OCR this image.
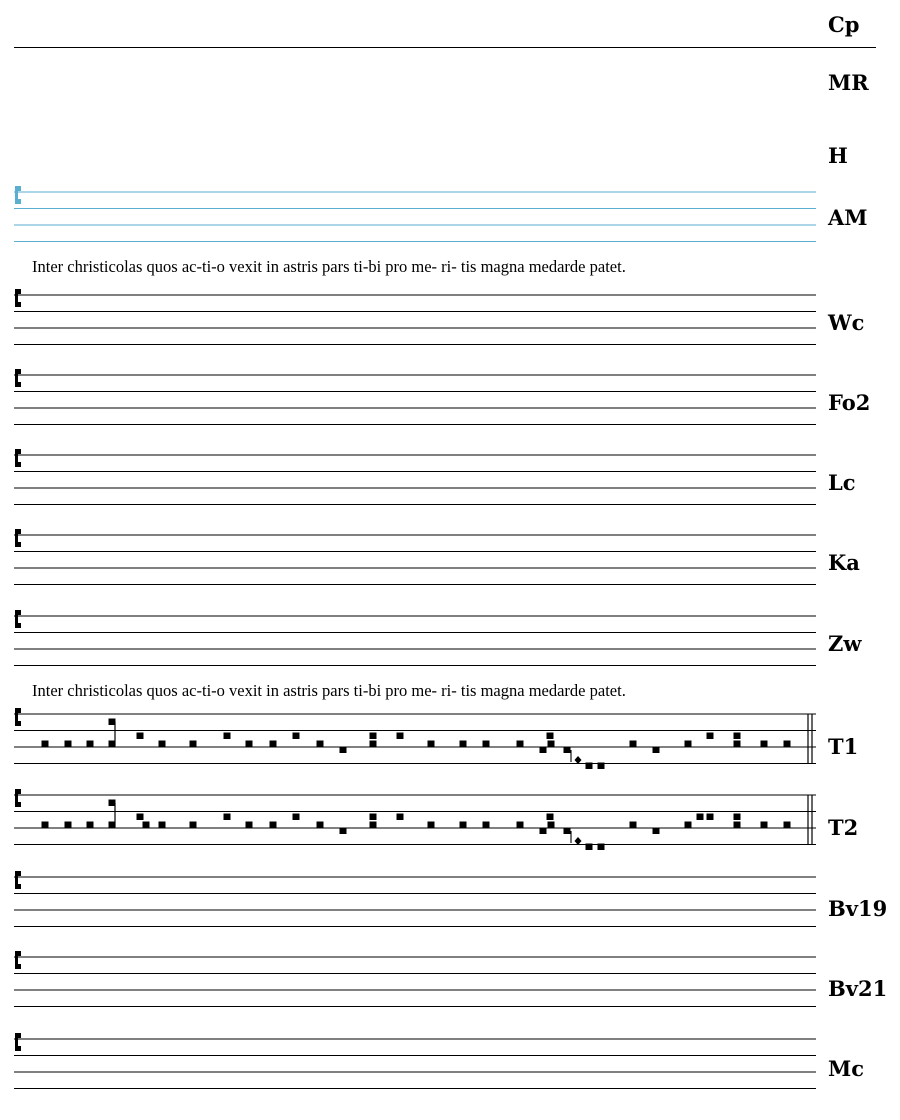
Cp
MR
H
AM
Inter christicolas quos ac-ti-o vexit in astris pars ti-bi pro me- ri- tis magna medarde patet.
Wc
Fo2
Lc
Ka
Zw
Inter christicolas quos ac-ti-o vexit in astris pars ti-bi pro me- ri- tis magna medarde patet.
T1
T2
Bv19
Bv21
Mc
